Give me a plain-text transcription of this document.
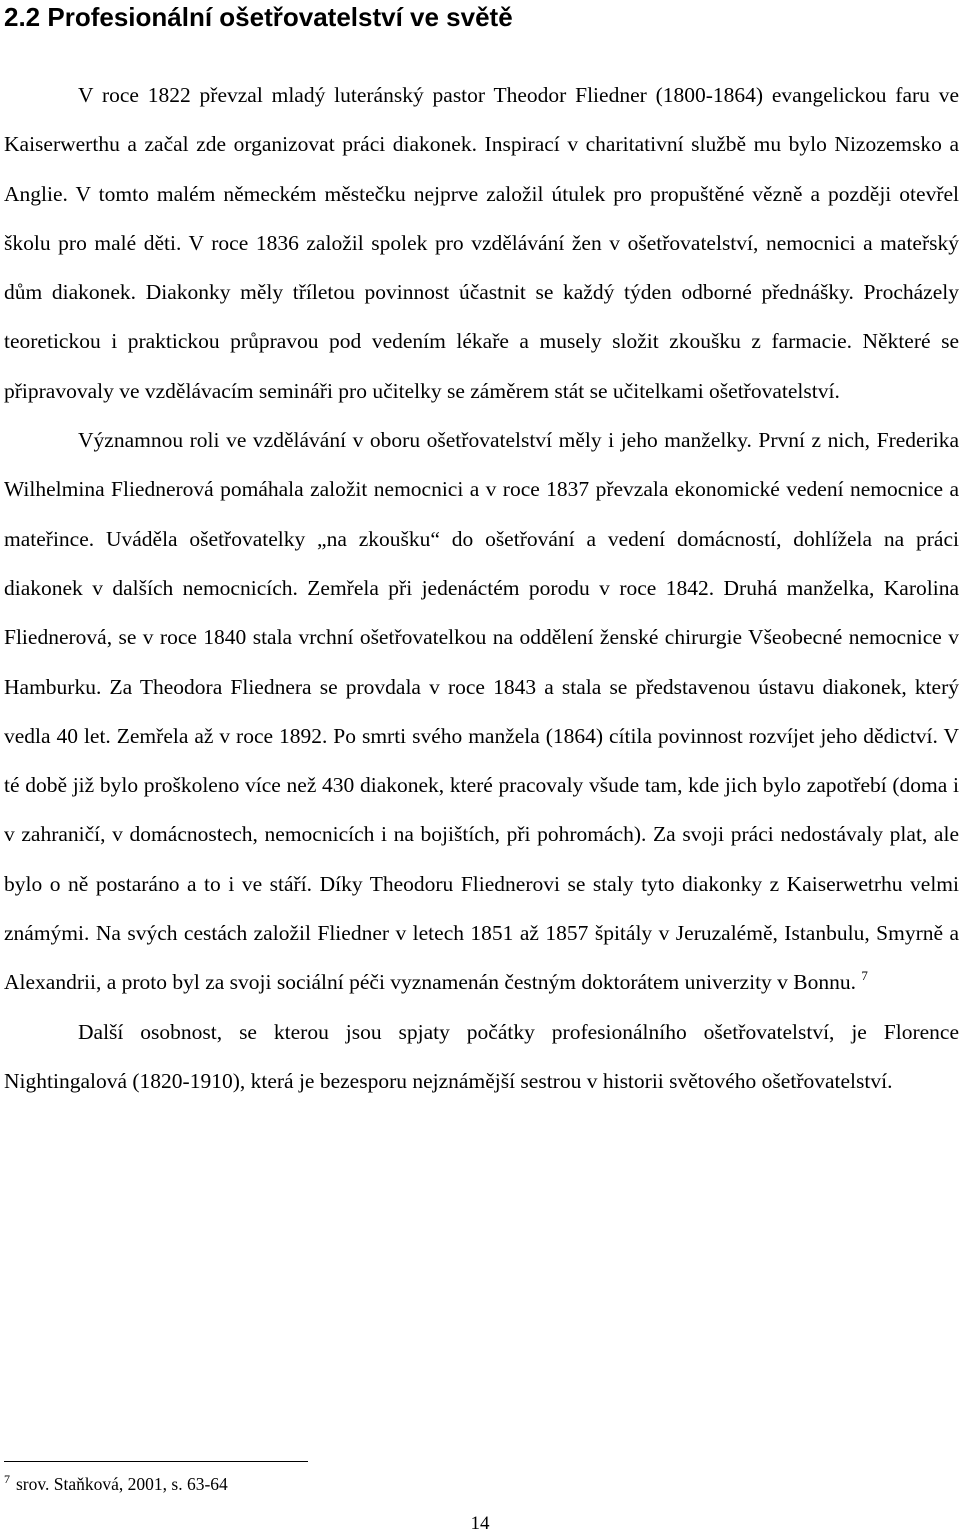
2.2 Profesionální ošetřovatelství ve světě

V roce 1822 převzal mladý luteránský pastor Theodor Fliedner (1800-1864) evangelickou faru ve Kaiserwerthu a začal zde organizovat práci diakonek. Inspirací v charitativní službě mu bylo Nizozemsko a Anglie. V tomto malém německém městečku nejprve založil útulek pro propuštěné vězně a později otevřel školu pro malé děti. V roce 1836 založil spolek pro vzdělávání žen v ošetřovatelství, nemocnici a mateřský dům diakonek. Diakonky měly tříletou povinnost účastnit se každý týden odborné přednášky. Procházely teoretickou i praktickou průpravou pod vedením lékaře a musely složit zkoušku z farmacie. Některé se připravovaly ve vzdělávacím semináři pro učitelky se záměrem stát se učitelkami ošetřovatelství.

Významnou roli ve vzdělávání v oboru ošetřovatelství měly i jeho manželky. První z nich, Frederika Wilhelmina Fliednerová pomáhala založit nemocnici a v roce 1837 převzala ekonomické vedení nemocnice a mateřince. Uváděla ošetřovatelky „na zkoušku“ do ošetřování a vedení domácností, dohlížela na práci diakonek v dalších nemocnicích. Zemřela při jedenáctém porodu v roce 1842. Druhá manželka, Karolina Fliednerová, se v roce 1840 stala vrchní ošetřovatelkou na oddělení ženské chirurgie Všeobecné nemocnice v Hamburku. Za Theodora Fliednera se provdala v roce 1843 a stala se představenou ústavu diakonek, který vedla 40 let. Zemřela až v roce 1892. Po smrti svého manžela (1864) cítila povinnost rozvíjet jeho dědictví. V té době již bylo proškoleno více než 430 diakonek, které pracovaly všude tam, kde jich bylo zapotřebí (doma i v zahraničí, v domácnostech, nemocnicích i na bojištích, při pohromách). Za svoji práci nedostávaly plat, ale bylo o ně postaráno a to i ve stáří. Díky Theodoru Fliednerovi se staly tyto diakonky z Kaiserwetrhu velmi známými. Na svých cestách založil Fliedner v letech 1851 až 1857 špitály v Jeruzalémě, Istanbulu, Smyrně a Alexandrii, a proto byl za svoji sociální péči vyznamenán čestným doktorátem univerzity v Bonnu. $^7$

Další osobnost, se kterou jsou spjaty počátky profesionálního ošetřovatelství, je Florence Nightingalová (1820-1910), která je bezesporu nejznámější sestrou v historii světového ošetřovatelství.

$^7$ srov. Staňková, 2001, s. 63-64
14
